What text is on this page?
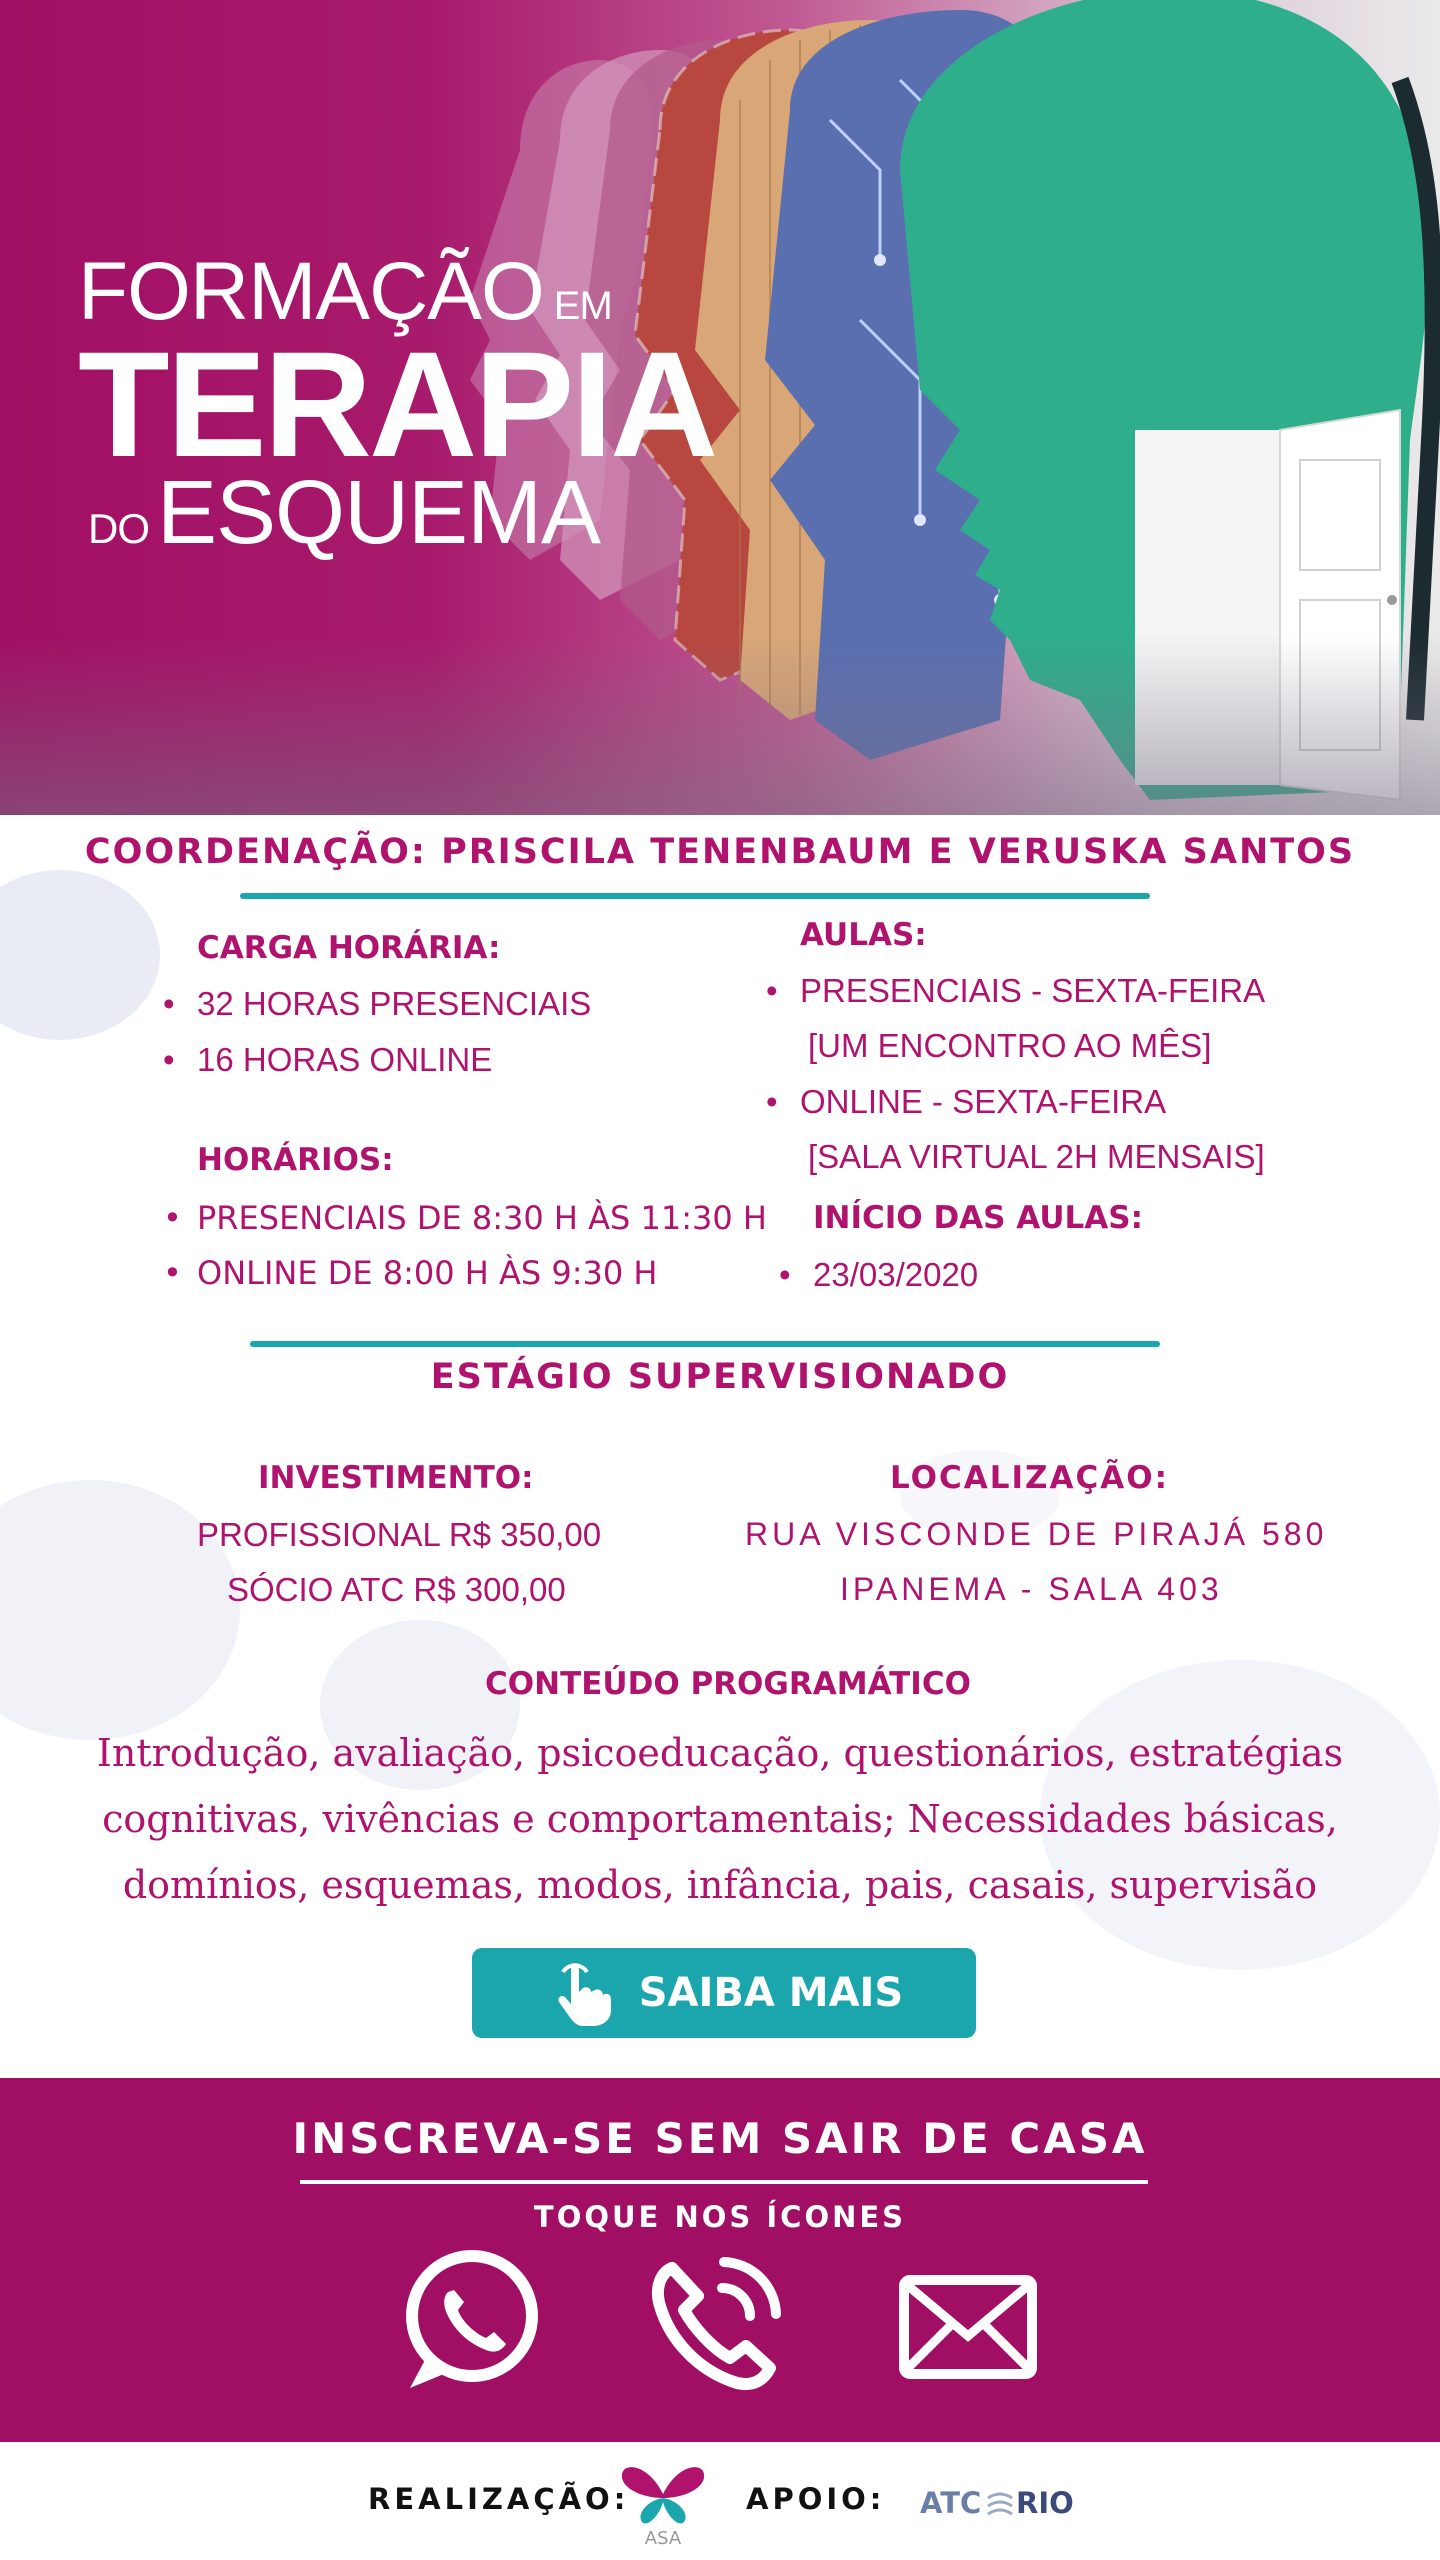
FORMAÇÃO EM
TERAPIA
DOESQUEMA
COORDENAÇÃO: PRISCILA TENENBAUM E VERUSKA SANTOS
CARGA HORÁRIA:
• 32 HORAS PRESENCIAIS
• 16 HORAS ONLINE
HORÁRIOS:
• PRESENCIAIS DE 8:30 H ÀS 11:30 H
• ONLINE DE 8:00 H ÀS 9:30 H
AULAS:
• PRESENCIAIS - SEXTA-FEIRA
[UM ENCONTRO AO MÊS]
• ONLINE - SEXTA-FEIRA
[SALA VIRTUAL 2H MENSAIS]
INÍCIO DAS AULAS:
• 23/03/2020
ESTÁGIO SUPERVISIONADO
INVESTIMENTO:
PROFISSIONAL R$ 350,00
SÓCIO ATC R$ 300,00
LOCALIZAÇÃO:
RUA VISCONDE DE PIRAJÁ 580
IPANEMA - SALA 403
CONTEÚDO PROGRAMÁTICO
Introdução, avaliação, psicoeducação, questionários, estratégias
cognitivas, vivências e comportamentais; Necessidades básicas,
domínios, esquemas, modos, infância, pais, casais, supervisão
SAIBA MAIS
INSCREVA-SE SEM SAIR DE CASA
TOQUE NOS ÍCONES
REALIZAÇÃO:
ASA
APOIO: ATC RIO
